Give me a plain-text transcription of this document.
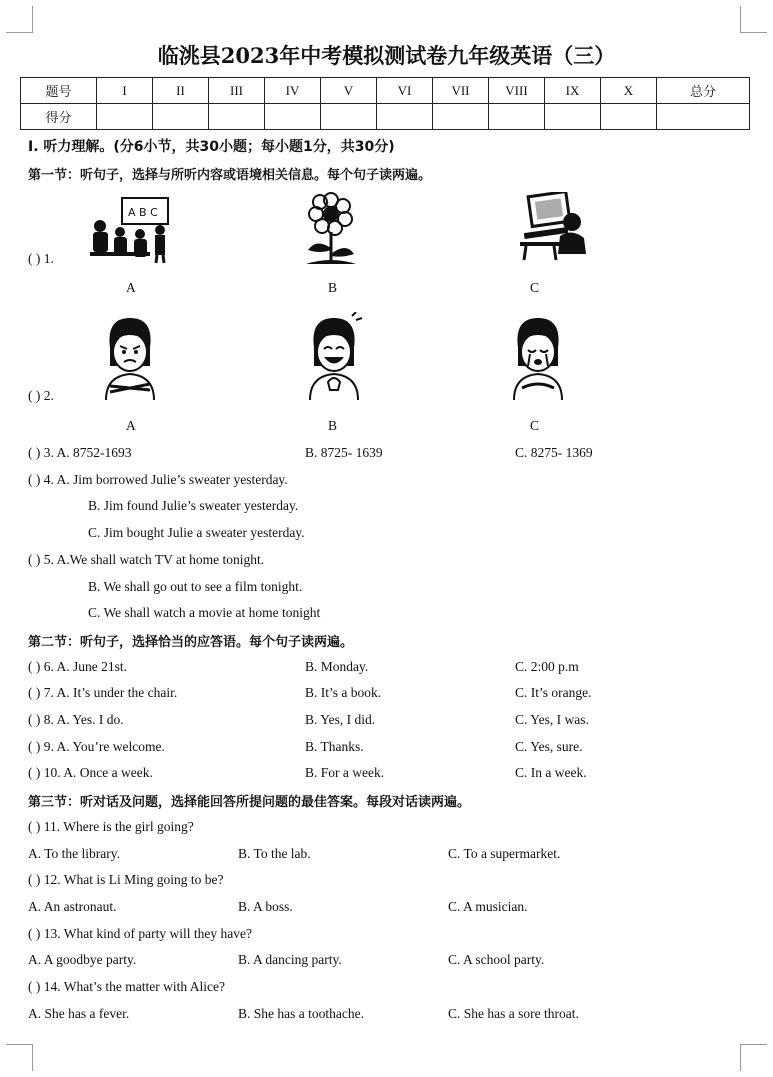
临洮县2023年中考模拟测试卷九年级英语（三）
题号	I	II	III	IV	V	VI	VII	VIII	IX	X	总分
得分											
I. 听力理解。(分6小节，共30小题；每小题1分，共30分)
第一节：听句子，选择与所听内容或语境相关信息。每个句子读两遍。
( ) 1.
A B C
A	B	C
( ) 2.
A	B	C
( ) 3. A. 8752-1693	B. 8725- 1639	C. 8275- 1369
( ) 4. A. Jim borrowed Julie’s sweater yesterday.
B. Jim found Julie’s sweater yesterday.
C. Jim bought Julie a sweater yesterday.
( ) 5. A.We shall watch TV at home tonight.
B. We shall go out to see a film tonight.
C. We shall watch a movie at home tonight
第二节：听句子，选择恰当的应答语。每个句子读两遍。
( ) 6. A. June 21st.	B. Monday.	C. 2:00 p.m
( ) 7. A. It’s under the chair.	B. It’s a book.	C. It’s orange.
( ) 8. A. Yes. I do.	B. Yes, I did.	C. Yes, I was.
( ) 9. A. You’re welcome.	B. Thanks.	C. Yes, sure.
( ) 10. A. Once a week.	B. For a week.	C. In a week.
第三节：听对话及问题，选择能回答所提问题的最佳答案。每段对话读两遍。
( ) 11. Where is the girl going?
A. To the library.	B. To the lab.	C. To a supermarket.
( ) 12. What is Li Ming going to be?
A. An astronaut.	B. A boss.	C. A musician.
( ) 13. What kind of party will they have?
A. A goodbye party.	B. A dancing party.	C. A school party.
( ) 14. What’s the matter with Alice?
A. She has a fever.	B. She has a toothache.	C. She has a sore throat.
